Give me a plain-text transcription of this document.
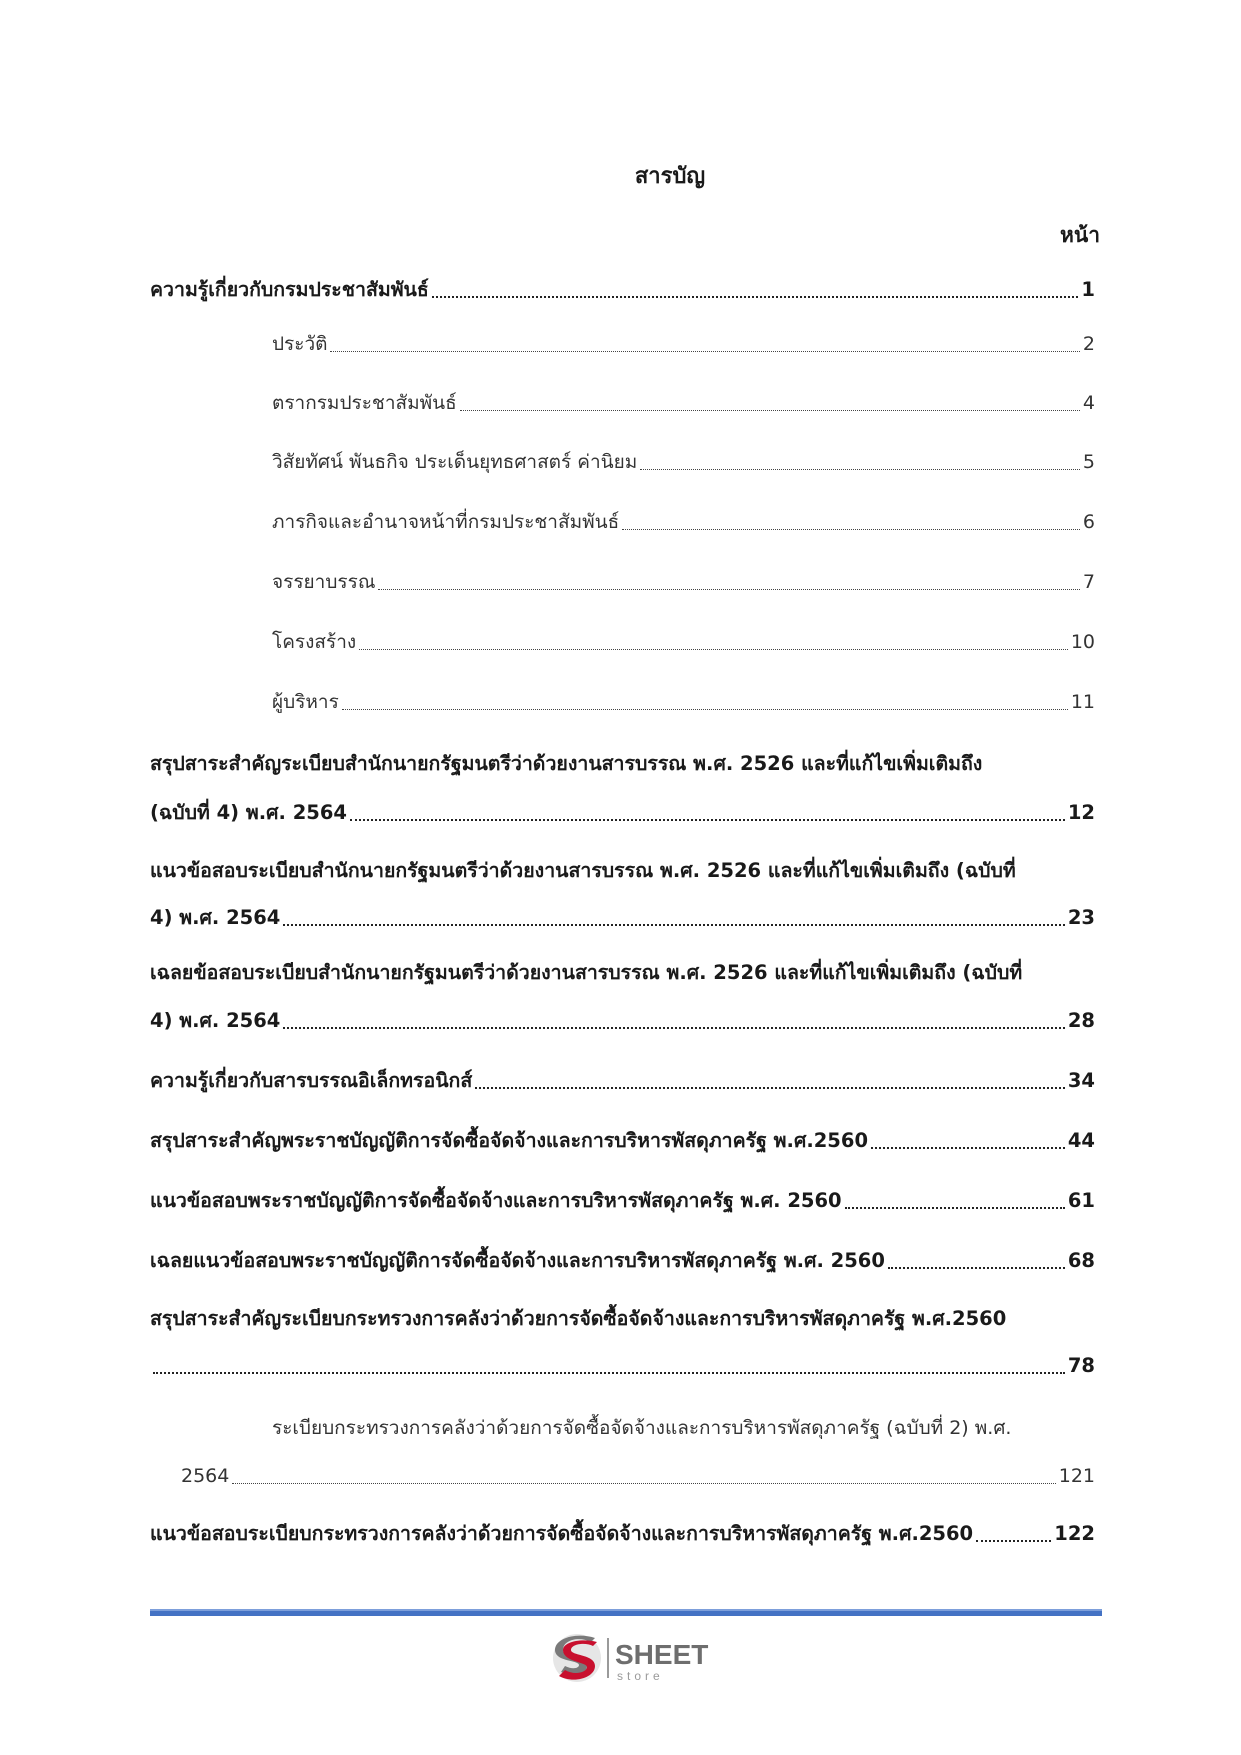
สารบัญ
หน้า
ความรู้เกี่ยวกับกรมประชาสัมพันธ์	1
ประวัติ	2
ตรากรมประชาสัมพันธ์	4
วิสัยทัศน์ พันธกิจ ประเด็นยุทธศาสตร์ ค่านิยม	5
ภารกิจและอำนาจหน้าที่กรมประชาสัมพันธ์	6
จรรยาบรรณ	7
โครงสร้าง	10
ผู้บริหาร	11
สรุปสาระสำคัญระเบียบสำนักนายกรัฐมนตรีว่าด้วยงานสารบรรณ พ.ศ. 2526 และที่แก้ไขเพิ่มเติมถึง
(ฉบับที่ 4) พ.ศ. 2564	12
แนวข้อสอบระเบียบสำนักนายกรัฐมนตรีว่าด้วยงานสารบรรณ พ.ศ. 2526 และที่แก้ไขเพิ่มเติมถึง (ฉบับที่
4) พ.ศ. 2564	23
เฉลยข้อสอบระเบียบสำนักนายกรัฐมนตรีว่าด้วยงานสารบรรณ พ.ศ. 2526 และที่แก้ไขเพิ่มเติมถึง (ฉบับที่
4) พ.ศ. 2564	28
ความรู้เกี่ยวกับสารบรรณอิเล็กทรอนิกส์	34
สรุปสาระสำคัญพระราชบัญญัติการจัดซื้อจัดจ้างและการบริหารพัสดุภาครัฐ พ.ศ.2560	44
แนวข้อสอบพระราชบัญญัติการจัดซื้อจัดจ้างและการบริหารพัสดุภาครัฐ พ.ศ. 2560	61
เฉลยแนวข้อสอบพระราชบัญญัติการจัดซื้อจัดจ้างและการบริหารพัสดุภาครัฐ พ.ศ. 2560	68
สรุปสาระสำคัญระเบียบกระทรวงการคลังว่าด้วยการจัดซื้อจัดจ้างและการบริหารพัสดุภาครัฐ พ.ศ.2560
78
ระเบียบกระทรวงการคลังว่าด้วยการจัดซื้อจัดจ้างและการบริหารพัสดุภาครัฐ (ฉบับที่ 2) พ.ศ.
2564	121
แนวข้อสอบระเบียบกระทรวงการคลังว่าด้วยการจัดซื้อจัดจ้างและการบริหารพัสดุภาครัฐ พ.ศ.2560	122
SHEET
store
